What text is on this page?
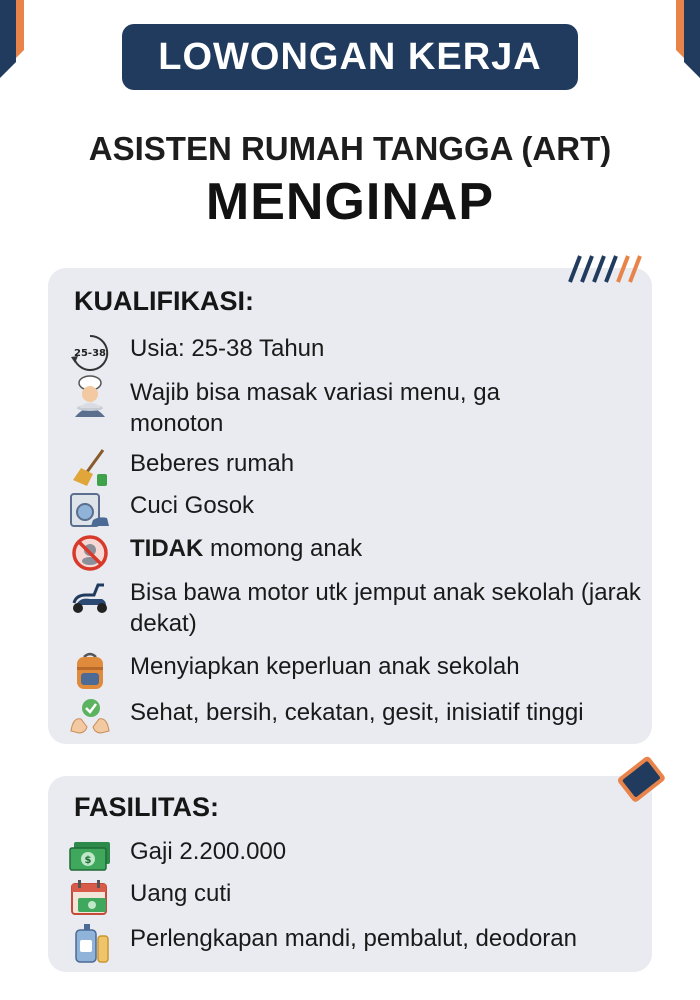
LOWONGAN KERJA
ASISTEN RUMAH TANGGA (ART)
MENGINAP
KUALIFIKASI:
25-38 Usia: 25-38 Tahun
Wajib bisa masak variasi menu, ga monoton
Beberes rumah
Cuci Gosok
TIDAK momong anak
Bisa bawa motor utk jemput anak sekolah (jarak dekat)
Menyiapkan keperluan anak sekolah
Sehat, bersih, cekatan, gesit, inisiatif tinggi
FASILITAS:
$ Gaji 2.200.000
Uang cuti
Perlengkapan mandi, pembalut, deodoran
